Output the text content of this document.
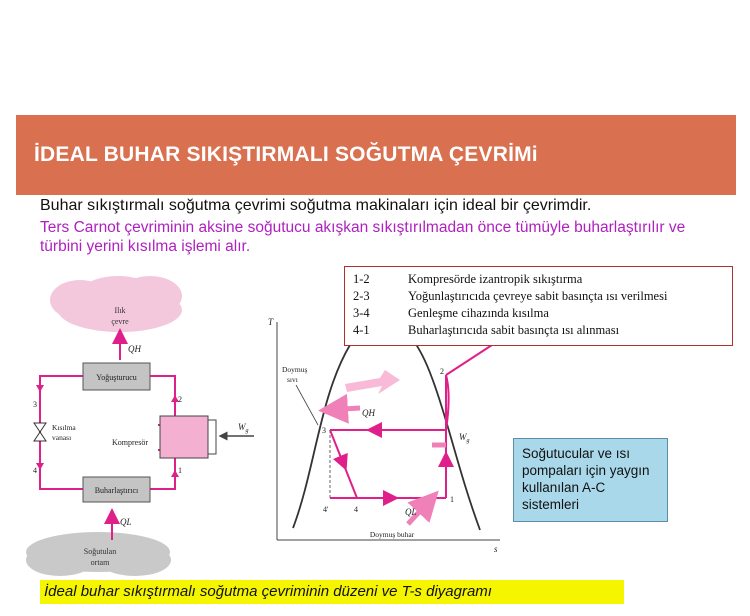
İDEAL BUHAR SIKIŞTIRMALI SOĞUTMA ÇEVRİMi
Buhar sıkıştırmalı soğutma çevrimi soğutma makinaları için ideal bir çevrimdir.
Ters Carnot çevriminin aksine soğutucu akışkan sıkıştırılmadan önce tümüyle buharlaştırılır ve türbini yerini kısılma işlemi alır.
Ilık
çevre
Soğutulan
ortam
QH
QL
Yoğuşturucu
Buharlaştırıcı
Kısılma
vanası
Kompresör
$W_g$
3
4
2
1
T
s
QH
QL
$W_g$
3
2
1
4
4'
Doymuş
sıvı
Doymuş buhar
1-2	Kompresörde izantropik sıkıştırma
2-3	Yoğunlaştırıcıda çevreye sabit basınçta ısı verilmesi
3-4	Genleşme cihazında kısılma
4-1	Buharlaştırıcıda sabit basınçta ısı alınması
Soğutucular ve ısı pompaları için yaygın kullanılan A-C sistemleri
İdeal buhar sıkıştırmalı soğutma çevriminin düzeni ve T-s diyagramı
